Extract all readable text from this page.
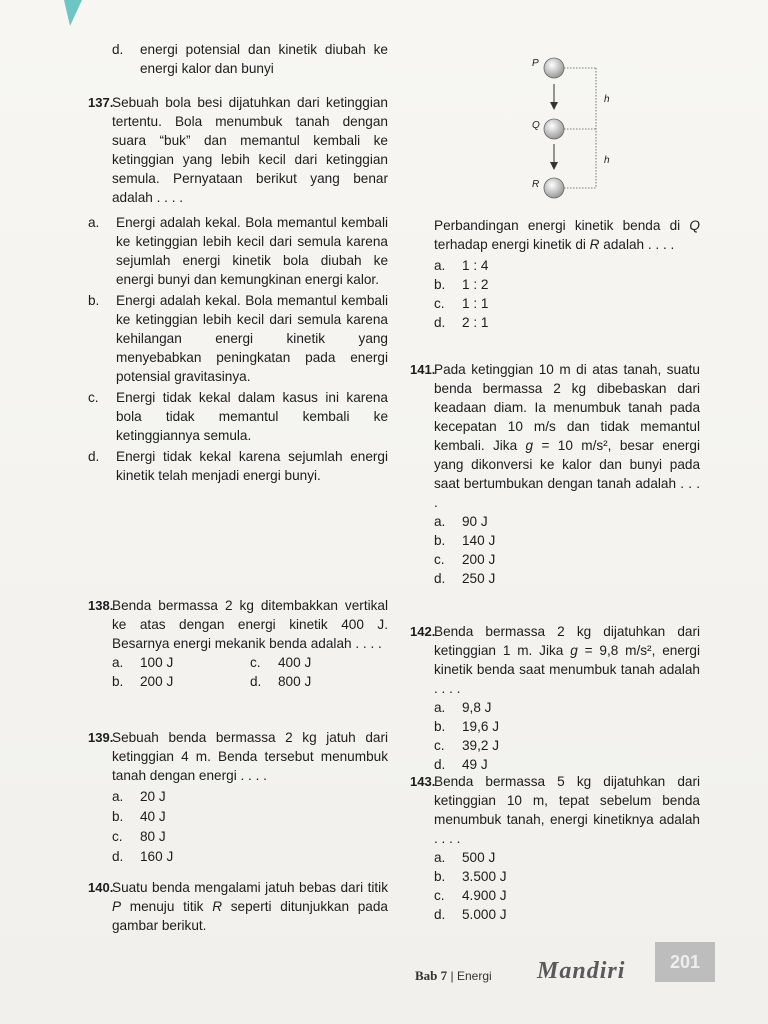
d.	energi potensial dan kinetik diubah ke energi kalor dan bunyi
137.
Sebuah bola besi dijatuhkan dari ketinggian tertentu. Bola menumbuk tanah dengan suara “buk” dan memantul kembali ke ketinggian yang lebih kecil dari ketinggian semula. Pernyataan berikut yang benar adalah . . . .
a.	Energi adalah kekal. Bola memantul kembali ke ketinggian lebih kecil dari semula karena sejumlah energi kinetik bola diubah ke energi bunyi dan kemungkinan energi kalor.
b.	Energi adalah kekal. Bola memantul kembali ke ketinggian lebih kecil dari semula karena kehilangan energi kinetik yang menyebabkan peningkatan pada energi potensial gravitasinya.
c.	Energi tidak kekal dalam kasus ini karena bola tidak memantul kembali ke ketinggiannya semula.
d.	Energi tidak kekal karena sejumlah energi kinetik telah menjadi energi bunyi.
138.
Benda bermassa 2 kg ditembakkan vertikal ke atas dengan energi kinetik 400 J. Besarnya energi mekanik benda adalah . . . .
a.	100 J	c.	400 J
b.	200 J	d.	800 J
139.
Sebuah benda bermassa 2 kg jatuh dari ketinggian 4 m. Benda tersebut menumbuk tanah dengan energi . . . .
a.	20 J
b.	40 J
c.	80 J
d.	160 J
140.
Suatu benda mengalami jatuh bebas dari titik P menuju titik R seperti ditunjukkan pada gambar berikut.
P
Q
R
h
h
Perbandingan energi kinetik benda di Q terhadap energi kinetik di R adalah . . . .
a.	1 : 4
b.	1 : 2
c.	1 : 1
d.	2 : 1
141.
Pada ketinggian 10 m di atas tanah, suatu benda bermassa 2 kg dibebaskan dari keadaan diam. Ia menumbuk tanah pada kecepatan 10 m/s dan tidak memantul kembali. Jika g = 10 m/s², besar energi yang dikonversi ke kalor dan bunyi pada saat bertumbukan dengan tanah adalah . . . .
a.	90 J
b.	140 J
c.	200 J
d.	250 J
142.
Benda bermassa 2 kg dijatuhkan dari ketinggian 1 m. Jika g = 9,8 m/s², energi kinetik benda saat menumbuk tanah adalah . . . .
a.	9,8 J
b.	19,6 J
c.	39,2 J
d.	49 J
143.
Benda bermassa 5 kg dijatuhkan dari ketinggian 10 m, tepat sebelum benda menumbuk tanah, energi kinetiknya adalah . . . .
a.	500 J
b.	3.500 J
c.	4.900 J
d.	5.000 J
Bab 7 | Energi Mandiri	201
